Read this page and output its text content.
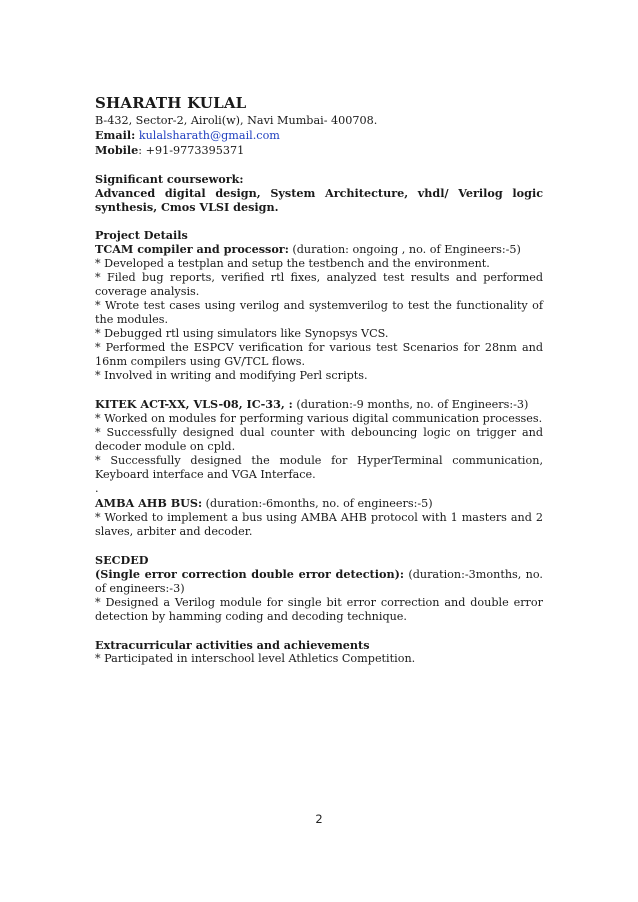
SHARATH KULAL
B-432, Sector-2, Airoli(w), Navi Mumbai- 400708.
Email: kulalsharath@gmail.com
Mobile: +91-9773395371
Significant coursework:
Advanced digital design, System Architecture, vhdl/ Verilog logic synthesis, Cmos VLSI design.
Project Details
TCAM compiler and processor: (duration: ongoing , no. of Engineers:-5)
* Developed a testplan and setup the testbench and the environment.
* Filed bug reports, verified rtl fixes, analyzed test results and performed coverage analysis.
* Wrote test cases using verilog and systemverilog to test the functionality of the modules.
* Debugged rtl using simulators like Synopsys VCS.
* Performed the ESPCV verification for various test Scenarios for 28nm and 16nm compilers using GV/TCL flows.
* Involved in writing and modifying Perl scripts.
KITEK ACT-XX, VLS-08, IC-33, : (duration:-9 months, no. of Engineers:-3)
* Worked on modules for performing various digital communication processes.
* Successfully designed dual counter with debouncing logic on trigger and decoder module on cpld.
* Successfully designed the module for HyperTerminal communication, Keyboard interface and VGA Interface.
.
AMBA AHB BUS: (duration:-6months, no. of engineers:-5)
* Worked to implement a bus using AMBA AHB protocol with 1 masters and 2 slaves, arbiter and decoder.
SECDED
(Single error correction double error detection): (duration:-3months, no. of engineers:-3)
* Designed a Verilog module for single bit error correction and double error detection by hamming coding and decoding technique.
Extracurricular activities and achievements
* Participated in interschool level Athletics Competition.
2
